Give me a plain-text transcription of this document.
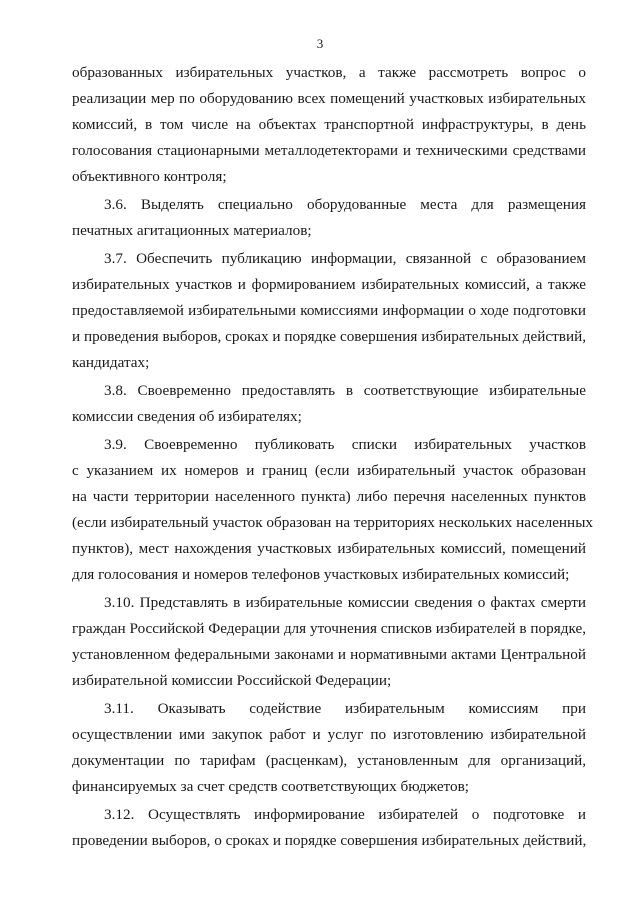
3
образованных избирательных участков, а также рассмотреть вопрос о
реализации мер по оборудованию всех помещений участковых избирательных
комиссий, в том числе на объектах транспортной инфраструктуры, в день
голосования стационарными металлодетекторами и техническими средствами
объективного контроля;
3.6. Выделять специально оборудованные места для размещения
печатных агитационных материалов;
3.7. Обеспечить публикацию информации, связанной с образованием
избирательных участков и формированием избирательных комиссий, а также
предоставляемой избирательными комиссиями информации о ходе подготовки
и проведения выборов, сроках и порядке совершения избирательных действий,
кандидатах;
3.8. Своевременно предоставлять в соответствующие избирательные
комиссии сведения об избирателях;
3.9. Своевременно публиковать списки избирательных участков
с указанием их номеров и границ (если избирательный участок образован
на части территории населенного пункта) либо перечня населенных пунктов
(если избирательный участок образован на территориях нескольких населенных
пунктов), мест нахождения участковых избирательных комиссий, помещений
для голосования и номеров телефонов участковых избирательных комиссий;
3.10. Представлять в избирательные комиссии сведения о фактах смерти
граждан Российской Федерации для уточнения списков избирателей в порядке,
установленном федеральными законами и нормативными актами Центральной
избирательной комиссии Российской Федерации;
3.11. Оказывать содействие избирательным комиссиям при
осуществлении ими закупок работ и услуг по изготовлению избирательной
документации по тарифам (расценкам), установленным для организаций,
финансируемых за счет средств соответствующих бюджетов;
3.12. Осуществлять информирование избирателей о подготовке и
проведении выборов, о сроках и порядке совершения избирательных действий,
